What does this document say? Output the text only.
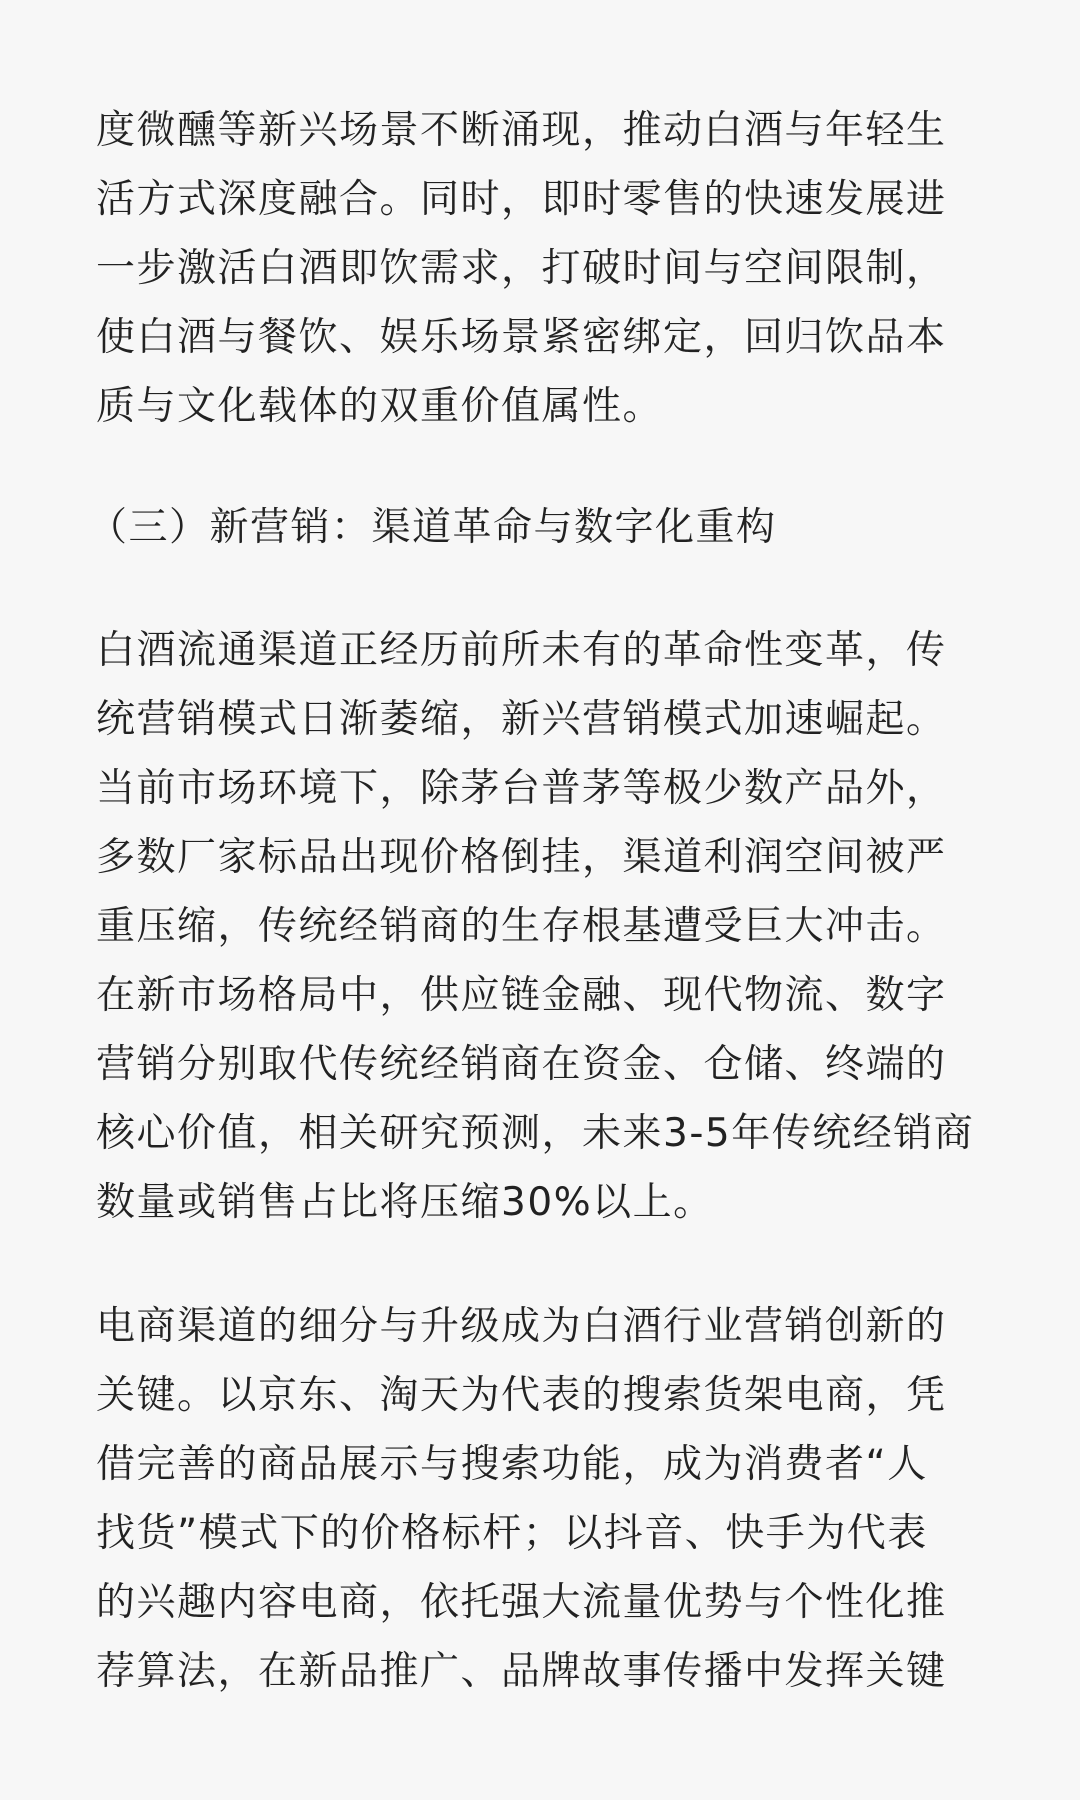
度微醺等新兴场景不断涌现，推动白酒与年轻生
活方式深度融合。同时，即时零售的快速发展进
一步激活白酒即饮需求，打破时间与空间限制，
使白酒与餐饮、娱乐场景紧密绑定，回归饮品本
质与文化载体的双重价值属性。

（三）新营销：渠道革命与数字化重构

白酒流通渠道正经历前所未有的革命性变革，传
统营销模式日渐萎缩，新兴营销模式加速崛起。
当前市场环境下，除茅台普茅等极少数产品外，
多数厂家标品出现价格倒挂，渠道利润空间被严
重压缩，传统经销商的生存根基遭受巨大冲击。
在新市场格局中，供应链金融、现代物流、数字
营销分别取代传统经销商在资金、仓储、终端的
核心价值，相关研究预测，未来3-5年传统经销商
数量或销售占比将压缩30%以上。

电商渠道的细分与升级成为白酒行业营销创新的
关键。以京东、淘天为代表的搜索货架电商，凭
借完善的商品展示与搜索功能，成为消费者“人
找货”模式下的价格标杆；以抖音、快手为代表
的兴趣内容电商，依托强大流量优势与个性化推
荐算法，在新品推广、品牌故事传播中发挥关键
